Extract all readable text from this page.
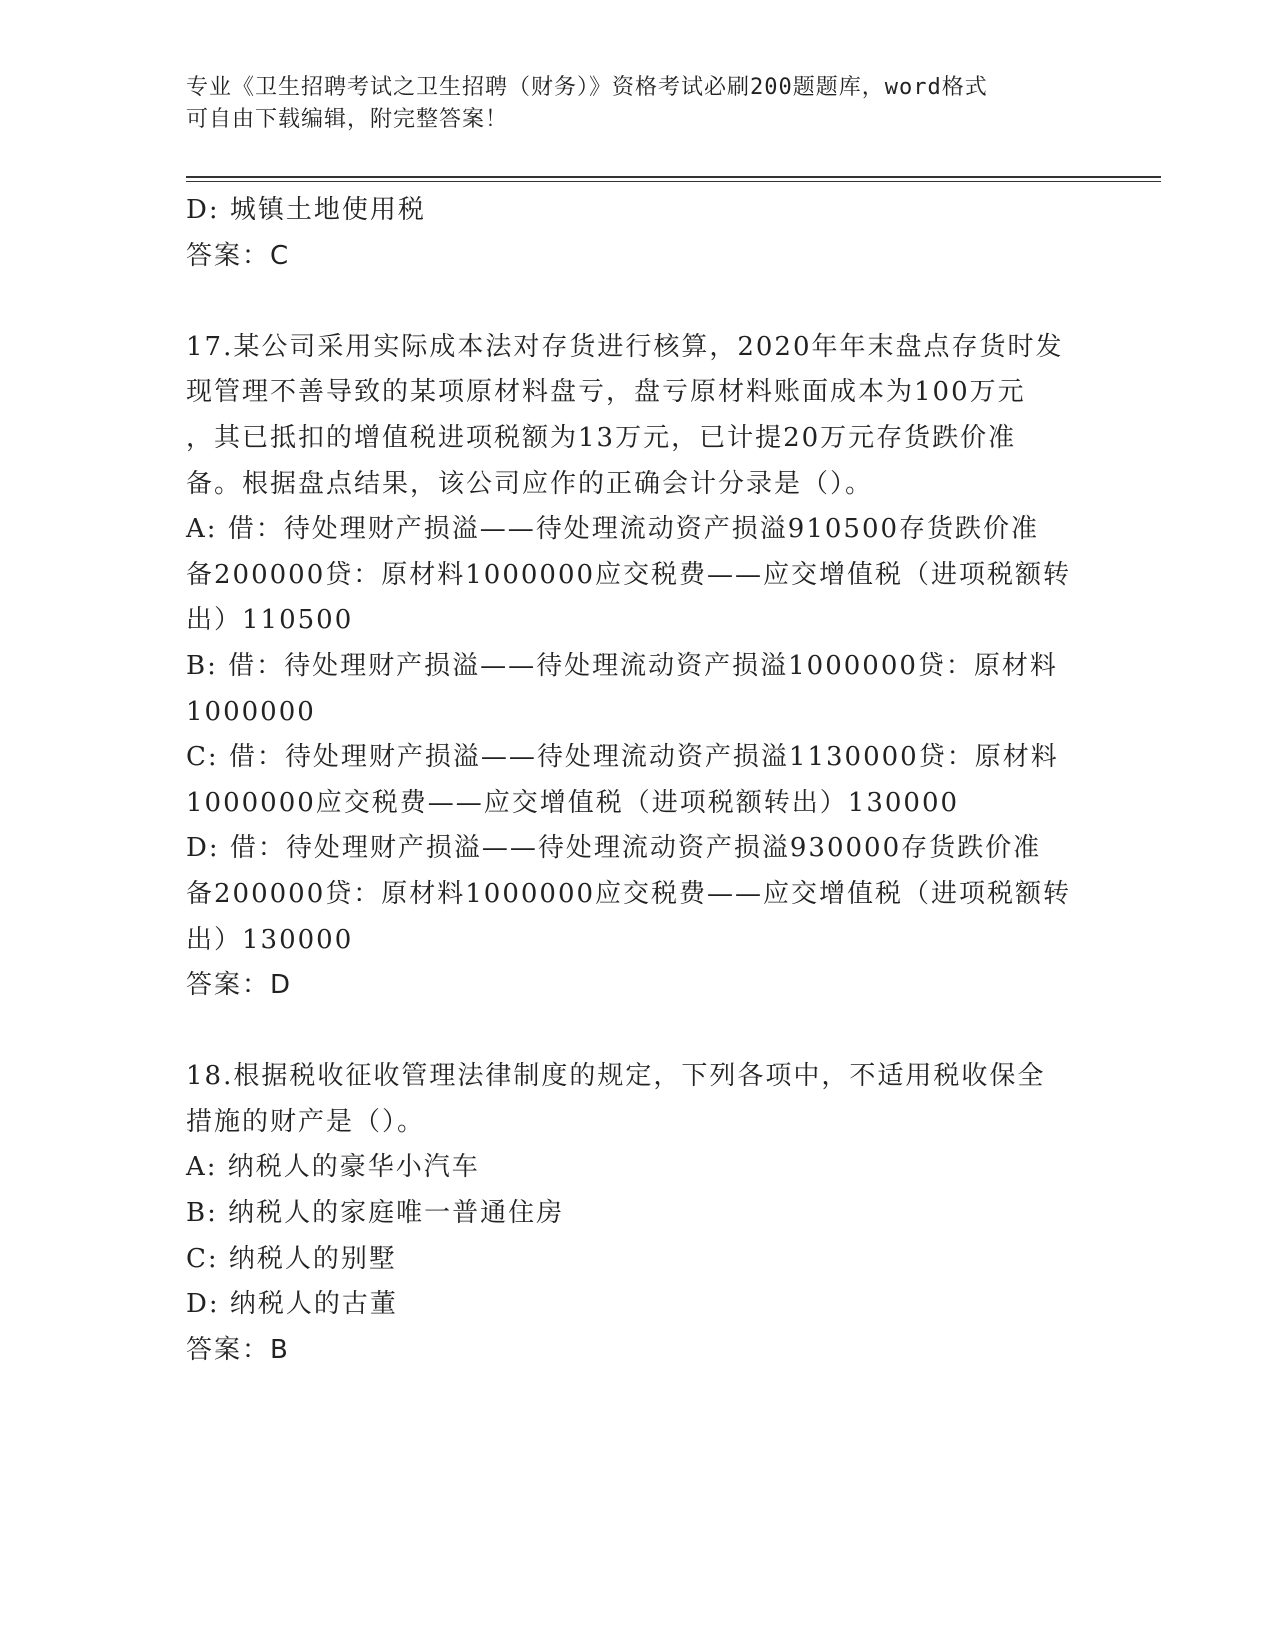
专业《卫生招聘考试之卫生招聘（财务）》资格考试必刷200题题库，word格式
可自由下载编辑，附完整答案！
D: 城镇土地使用税
答案：C
17.某公司采用实际成本法对存货进行核算，2020年年末盘点存货时发
现管理不善导致的某项原材料盘亏，盘亏原材料账面成本为100万元
，其已抵扣的增值税进项税额为13万元，已计提20万元存货跌价准
备。根据盘点结果，该公司应作的正确会计分录是（）。
A: 借：待处理财产损溢——待处理流动资产损溢910500存货跌价准
备200000贷：原材料1000000应交税费——应交增值税（进项税额转
出）110500
B: 借：待处理财产损溢——待处理流动资产损溢1000000贷：原材料
1000000
C: 借：待处理财产损溢——待处理流动资产损溢1130000贷：原材料
1000000应交税费——应交增值税（进项税额转出）130000
D: 借：待处理财产损溢——待处理流动资产损溢930000存货跌价准
备200000贷：原材料1000000应交税费——应交增值税（进项税额转
出）130000
答案：D
18.根据税收征收管理法律制度的规定，下列各项中，不适用税收保全
措施的财产是（）。
A: 纳税人的豪华小汽车
B: 纳税人的家庭唯一普通住房
C: 纳税人的别墅
D: 纳税人的古董
答案：B
